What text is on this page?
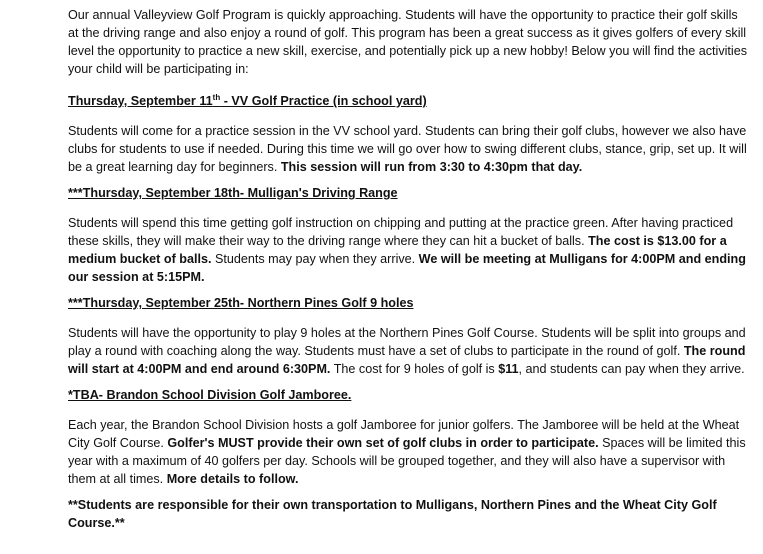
Our annual Valleyview Golf Program is quickly approaching. Students will have the opportunity to practice their golf skills at the driving range and also enjoy a round of golf. This program has been a great success as it gives golfers of every skill level the opportunity to practice a new skill, exercise, and potentially pick up a new hobby! Below you will find the activities your child will be participating in:

Thursday, September 11th - VV Golf Practice (in school yard)

Students will come for a practice session in the VV school yard. Students can bring their golf clubs, however we also have clubs for students to use if needed. During this time we will go over how to swing different clubs, stance, grip, set up. It will be a great learning day for beginners. This session will run from 3:30 to 4:30pm that day.

***Thursday, September 18th- Mulligan's Driving Range

Students will spend this time getting golf instruction on chipping and putting at the practice green. After having practiced these skills, they will make their way to the driving range where they can hit a bucket of balls. The cost is $13.00 for a medium bucket of balls. Students may pay when they arrive. We will be meeting at Mulligans for 4:00PM and ending our session at 5:15PM.

***Thursday, September 25th- Northern Pines Golf 9 holes

Students will have the opportunity to play 9 holes at the Northern Pines Golf Course. Students will be split into groups and play a round with coaching along the way. Students must have a set of clubs to participate in the round of golf. The round will start at 4:00PM and end around 6:30PM. The cost for 9 holes of golf is $11, and students can pay when they arrive.

*TBA- Brandon School Division Golf Jamboree.

Each year, the Brandon School Division hosts a golf Jamboree for junior golfers. The Jamboree will be held at the Wheat City Golf Course. Golfer's MUST provide their own set of golf clubs in order to participate. Spaces will be limited this year with a maximum of 40 golfers per day. Schools will be grouped together, and they will also have a supervisor with them at all times. More details to follow.

**Students are responsible for their own transportation to Mulligans, Northern Pines and the Wheat City Golf Course.**
